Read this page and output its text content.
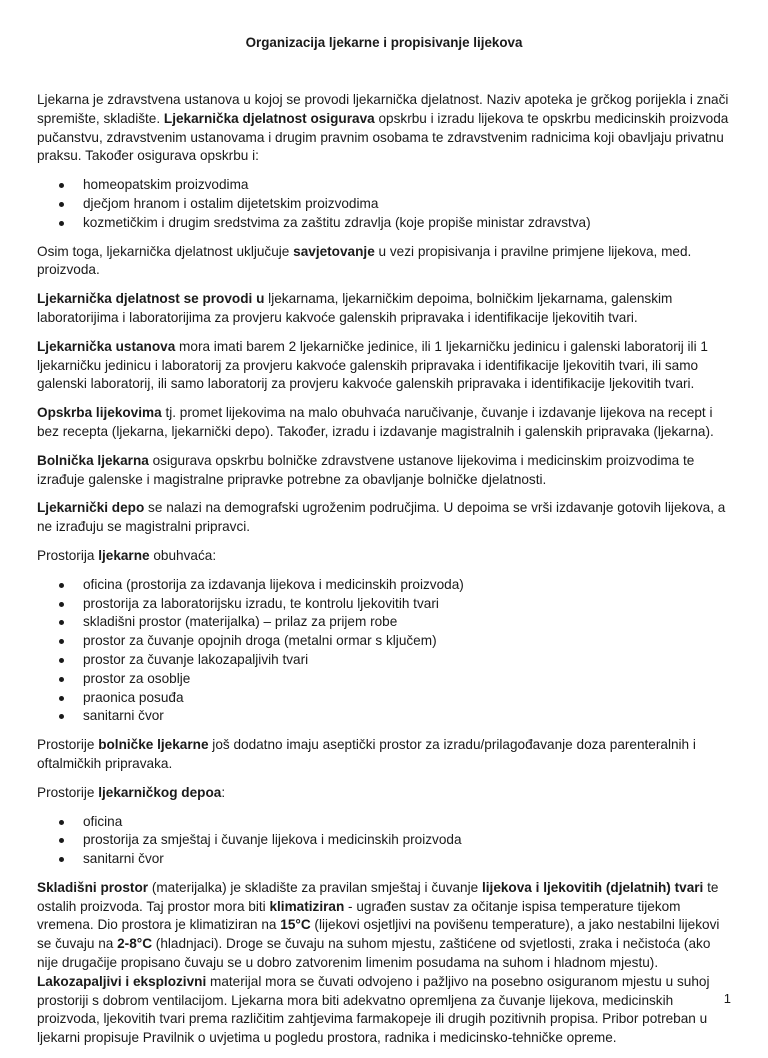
Organizacija ljekarne i propisivanje lijekova

Ljekarna je zdravstvena ustanova u kojoj se provodi ljekarnička djelatnost. Naziv apoteka je grčkog porijekla i znači spremište, skladište. Ljekarnička djelatnost osigurava opskrbu i izradu lijekova te opskrbu medicinskih proizvoda pučanstvu, zdravstvenim ustanovama i drugim pravnim osobama te zdravstvenim radnicima koji obavljaju privatnu praksu. Također osigurava opskrbu i:

homeopatskim proizvodima
dječjom hranom i ostalim dijetetskim proizvodima
kozmetičkim i drugim sredstvima za zaštitu zdravlja (koje propiše ministar zdravstva)

Osim toga, ljekarnička djelatnost uključuje savjetovanje u vezi propisivanja i pravilne primjene lijekova, med. proizvoda.

Ljekarnička djelatnost se provodi u ljekarnama, ljekarničkim depoima, bolničkim ljekarnama, galenskim laboratorijima i laboratorijima za provjeru kakvoće galenskih pripravaka i identifikacije ljekovitih tvari.

Ljekarnička ustanova mora imati barem 2 ljekarničke jedinice, ili 1 ljekarničku jedinicu i galenski laboratorij ili 1 ljekarničku jedinicu i laboratorij za provjeru kakvoće galenskih pripravaka i identifikacije ljekovitih tvari, ili samo galenski laboratorij, ili samo laboratorij za provjeru kakvoće galenskih pripravaka i identifikacije ljekovitih tvari.

Opskrba lijekovima tj. promet lijekovima na malo obuhvaća naručivanje, čuvanje i izdavanje lijekova na recept i bez recepta (ljekarna, ljekarnički depo). Također, izradu i izdavanje magistralnih i galenskih pripravaka (ljekarna).

Bolnička ljekarna osigurava opskrbu bolničke zdravstvene ustanove lijekovima i medicinskim proizvodima te izrađuje galenske i magistralne pripravke potrebne za obavljanje bolničke djelatnosti.

Ljekarnički depo se nalazi na demografski ugroženim područjima. U depoima se vrši izdavanje gotovih lijekova, a ne izrađuju se magistralni pripravci.

Prostorija ljekarne obuhvaća:

oficina (prostorija za izdavanja lijekova i medicinskih proizvoda)
prostorija za laboratorijsku izradu, te kontrolu ljekovitih tvari
skladišni prostor (materijalka) – prilaz za prijem robe
prostor za čuvanje opojnih droga (metalni ormar s ključem)
prostor za čuvanje lakozapaljivih tvari
prostor za osoblje
praonica posuđa
sanitarni čvor

Prostorije bolničke ljekarne još dodatno imaju aseptički prostor za izradu/prilagođavanje doza parenteralnih i oftalmičkih pripravaka.

Prostorije ljekarničkog depoa:

oficina
prostorija za smještaj i čuvanje lijekova i medicinskih proizvoda
sanitarni čvor

Skladišni prostor (materijalka) je skladište za pravilan smještaj i čuvanje lijekova i ljekovitih (djelatnih) tvari te ostalih proizvoda. Taj prostor mora biti klimatiziran - ugrađen sustav za očitanje ispisa temperature tijekom vremena. Dio prostora je klimatiziran na 15°C (lijekovi osjetljivi na povišenu temperature), a jako nestabilni lijekovi se čuvaju na 2-8°C (hladnjaci). Droge se čuvaju na suhom mjestu, zaštićene od svjetlosti, zraka i nečistoća (ako nije drugačije propisano čuvaju se u dobro zatvorenim limenim posudama na suhom i hladnom mjestu). Lakozapaljivi i eksplozivni materijal mora se čuvati odvojeno i pažljivo na posebno osiguranom mjestu u suhoj prostoriji s dobrom ventilacijom. Ljekarna mora biti adekvatno opremljena za čuvanje lijekova, medicinskih proizvoda, ljekovitih tvari prema različitim zahtjevima farmakopeje ili drugih pozitivnih propisa. Pribor potreban u ljekarni propisuje Pravilnik o uvjetima u pogledu prostora, radnika i medicinsko-tehničke opreme.

1
